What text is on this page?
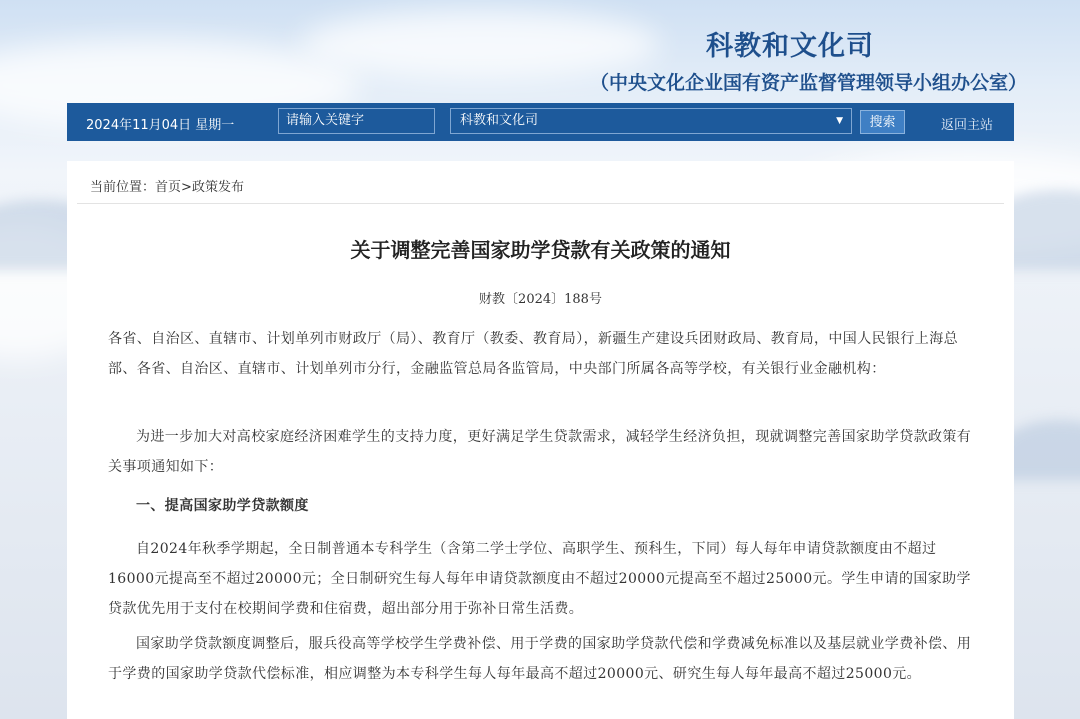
科教和文化司
（中央文化企业国有资产监督管理领导小组办公室）
2024年11月04日 星期一	请输入关键字	科教和文化司	▼	搜索	返回主站
当前位置：首页>政策发布
关于调整完善国家助学贷款有关政策的通知
财教〔2024〕188号
各省、自治区、直辖市、计划单列市财政厅（局）、教育厅（教委、教育局），新疆生产建设兵团财政局、教育局，中国人民银行上海总部、各省、自治区、直辖市、计划单列市分行，金融监管总局各监管局，中央部门所属各高等学校，有关银行业金融机构：
为进一步加大对高校家庭经济困难学生的支持力度，更好满足学生贷款需求，减轻学生经济负担，现就调整完善国家助学贷款政策有关事项通知如下：
一、提高国家助学贷款额度
自2024年秋季学期起，全日制普通本专科学生（含第二学士学位、高职学生、预科生，下同）每人每年申请贷款额度由不超过16000元提高至不超过20000元；全日制研究生每人每年申请贷款额度由不超过20000元提高至不超过25000元。学生申请的国家助学贷款优先用于支付在校期间学费和住宿费，超出部分用于弥补日常生活费。
国家助学贷款额度调整后，服兵役高等学校学生学费补偿、用于学费的国家助学贷款代偿和学费减免标准以及基层就业学费补偿、用于学费的国家助学贷款代偿标准，相应调整为本专科学生每人每年最高不超过20000元、研究生每人每年最高不超过25000元。
